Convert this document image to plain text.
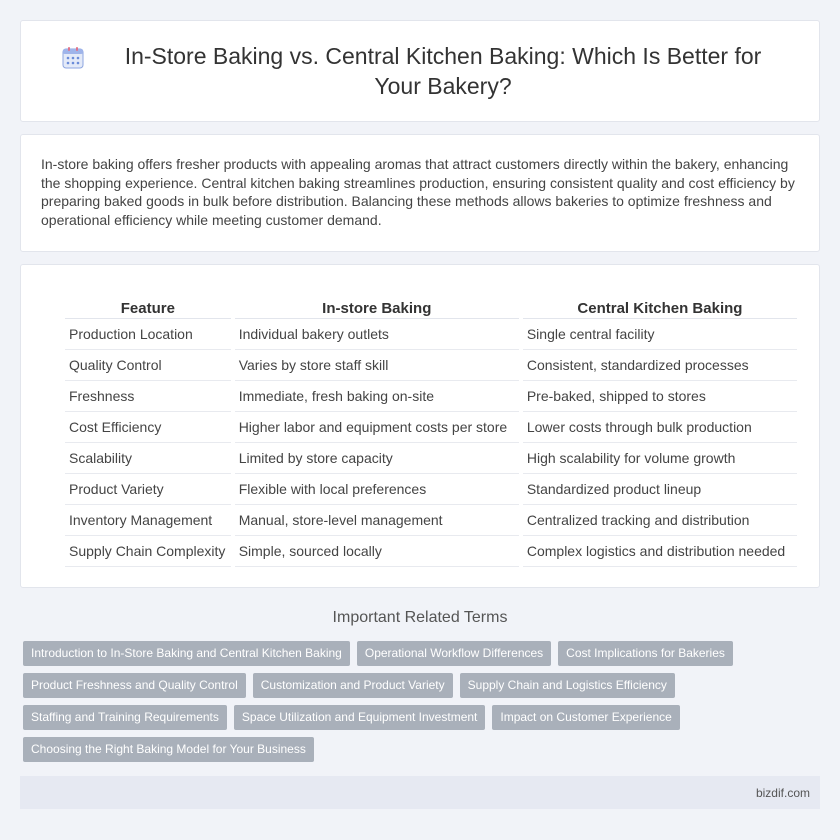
In-Store Baking vs. Central Kitchen Baking: Which Is Better for Your Bakery?

In-store baking offers fresher products with appealing aromas that attract customers directly within the bakery, enhancing the shopping experience. Central kitchen baking streamlines production, ensuring consistent quality and cost efficiency by preparing baked goods in bulk before distribution. Balancing these methods allows bakeries to optimize freshness and operational efficiency while meeting customer demand.

Feature	In-store Baking	Central Kitchen Baking
Production Location	Individual bakery outlets	Single central facility
Quality Control	Varies by store staff skill	Consistent, standardized processes
Freshness	Immediate, fresh baking on-site	Pre-baked, shipped to stores
Cost Efficiency	Higher labor and equipment costs per store	Lower costs through bulk production
Scalability	Limited by store capacity	High scalability for volume growth
Product Variety	Flexible with local preferences	Standardized product lineup
Inventory Management	Manual, store-level management	Centralized tracking and distribution
Supply Chain Complexity	Simple, sourced locally	Complex logistics and distribution needed
Important Related Terms
Introduction to In-Store Baking and Central Kitchen Baking	Operational Workflow Differences	Cost Implications for Bakeries
Product Freshness and Quality Control	Customization and Product Variety	Supply Chain and Logistics Efficiency
Staffing and Training Requirements	Space Utilization and Equipment Investment	Impact on Customer Experience
Choosing the Right Baking Model for Your Business
bizdif.com
